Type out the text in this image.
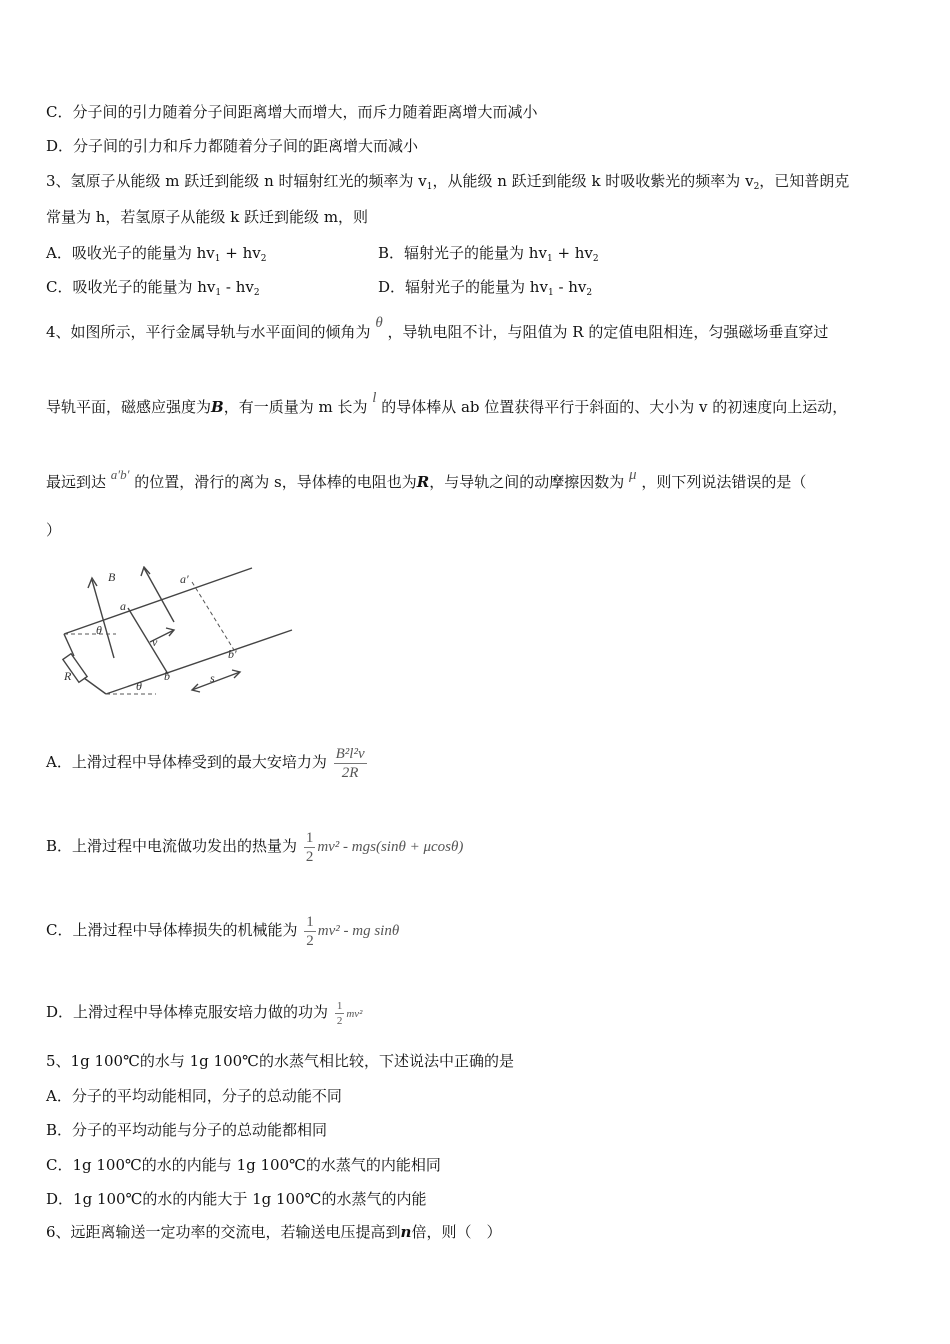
C．分子间的引力随着分子间距离增大而增大，而斥力随着距离增大而减小
D．分子间的引力和斥力都随着分子间的距离增大而减小
3、氢原子从能级 m 跃迁到能级 n 时辐射红光的频率为 $v_1$，从能级 n 跃迁到能级 k 时吸收紫光的频率为 $v_2$，已知普朗克
常量为 h，若氢原子从能级 k 跃迁到能级 m，则
A．吸收光子的能量为 $hv_1 + hv_2$	B．辐射光子的能量为 $hv_1 + hv_2$
C．吸收光子的能量为 $hv_1 - hv_2$	D．辐射光子的能量为 $hv_1 - hv_2$
4、如图所示，平行金属导轨与水平面间的倾角为 θ ，导轨电阻不计，与阻值为 R 的定值电阻相连，匀强磁场垂直穿过
导轨平面，磁感应强度为B，有一质量为 m 长为 l 的导体棒从 ab 位置获得平行于斜面的、大小为 v 的初速度向上运动，
最远到达 a′b′ 的位置，滑行的离为 s，导体棒的电阻也为R，与导轨之间的动摩擦因数为 μ ，则下列说法错误的是（
）
B	a′
a
θ
v
R
b′
θ
b	s
A．上滑过程中导体棒受到的最大安培力为 $\frac{\text{B²l²v}}{2R}$
B．上滑过程中电流做功发出的热量为 $\frac{1}{2} mv^2 - mgs(\sin\theta + \mu\cos\theta)$
C．上滑过程中导体棒损失的机械能为 $\frac{1}{2} mv^2$ - mg sinθ
D．上滑过程中导体棒克服安培力做的功为 $\frac{1}{2} mv^2$
5、1g 100℃的水与 1g 100℃的水蒸气相比较，下述说法中正确的是
A．分子的平均动能相同，分子的总动能不同
B．分子的平均动能与分子的总动能都相同
C．1g 100℃的水的内能与 1g 100℃的水蒸气的内能相同
D．1g 100℃的水的内能大于 1g 100℃的水蒸气的内能
6、远距离输送一定功率的交流电，若输送电压提高到n倍，则（　）
